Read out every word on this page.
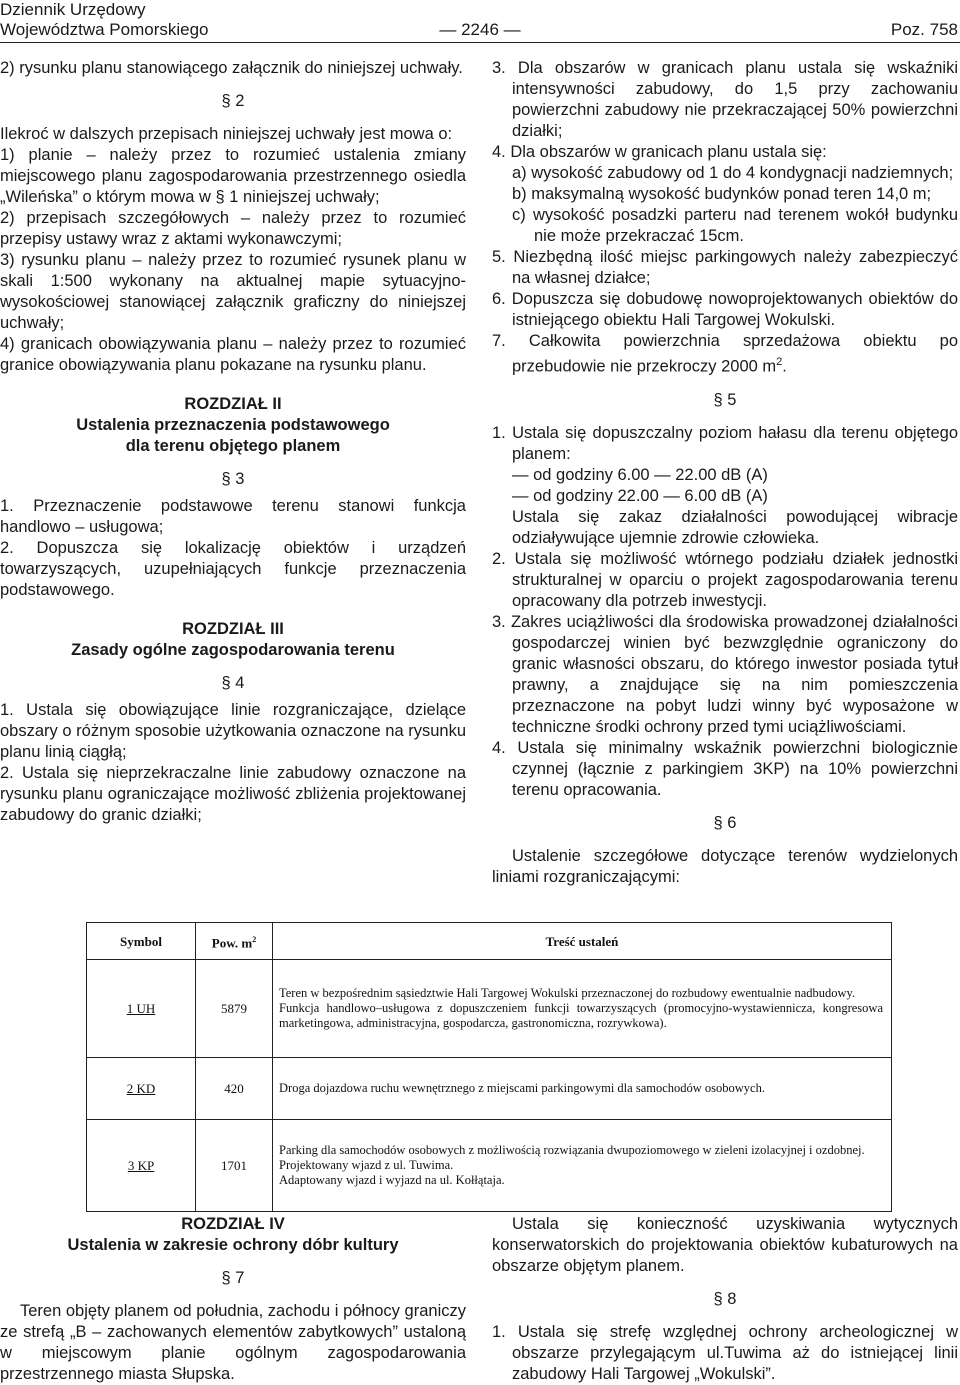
Dziennik Urzędowy
Województwa Pomorskiego	— 2246 —	Poz. 758

2) rysunku planu stanowiącego załącznik do niniejszej uchwały.

§ 2

Ilekroć w dalszych przepisach niniejszej uchwały jest mowa o:

1) planie – należy przez to rozumieć ustalenia zmiany miejscowego planu zagospodarowania przestrzennego osiedla „Wileńska” o którym mowa w § 1 niniejszej uchwały;

2) przepisach szczegółowych – należy przez to rozumieć przepisy ustawy wraz z aktami wykonawczymi;

3) rysunku planu – należy przez to rozumieć rysunek planu w skali 1:500 wykonany na aktualnej mapie sytuacyjno-wysokościowej stanowiącej załącznik graficzny do niniejszej uchwały;

4) granicach obowiązywania planu – należy przez to rozumieć granice obowiązywania planu pokazane na rysunku planu.

ROZDZIAŁ II

Ustalenia przeznaczenia podstawowego

dla terenu objętego planem

§ 3

1. Przeznaczenie podstawowe terenu stanowi funkcja handlowo – usługowa;

2. Dopuszcza się lokalizację obiektów i urządzeń towarzyszących, uzupełniających funkcje przeznaczenia podstawowego.

ROZDZIAŁ III

Zasady ogólne zagospodarowania terenu

§ 4

1. Ustala się obowiązujące linie rozgraniczające, dzielące obszary o różnym sposobie użytkowania oznaczone na rysunku planu linią ciągłą;

2. Ustala się nieprzekraczalne linie zabudowy oznaczone na rysunku planu ograniczające możliwość zbliżenia projektowanej zabudowy do granic działki;

3. Dla obszarów w granicach planu ustala się wskaźniki intensywności zabudowy, do 1,5 przy zachowaniu powierzchni zabudowy nie przekraczającej 50% powierzchni działki;

4. Dla obszarów w granicach planu ustala się:

a) wysokość zabudowy od 1 do 4 kondygnacji nadziemnych;

b) maksymalną wysokość budynków ponad teren 14,0 m;

c) wysokość posadzki parteru nad terenem wokół budynku nie może przekraczać 15cm.

5. Niezbędną ilość miejsc parkingowych należy zabezpieczyć na własnej działce;

6. Dopuszcza się dobudowę nowoprojektowanych obiektów do istniejącego obiektu Hali Targowej Wokulski.

7. Całkowita powierzchnia sprzedażowa obiektu po przebudowie nie przekroczy 2000 $m^2$.

§ 5

1. Ustala się dopuszczalny poziom hałasu dla terenu objętego planem:

— od godziny 6.00 — 22.00 dB (A)

— od godziny 22.00 — 6.00 dB (A)

Ustala się zakaz działalności powodującej wibracje odziaływujące ujemnie zdrowie człowieka.

2. Ustala się możliwość wtórnego podziału działek jednostki strukturalnej w oparciu o projekt zagospodarowania terenu opracowany dla potrzeb inwestycji.

3. Zakres uciążliwości dla środowiska prowadzonej działalności gospodarczej winien być bezwzględnie ograniczony do granic własności obszaru, do którego inwestor posiada tytuł prawny, a znajdujące się na nim pomieszczenia przeznaczone na pobyt ludzi winny być wyposażone w techniczne środki ochrony przed tymi uciążliwościami.

4. Ustala się minimalny wskaźnik powierzchni biologicznie czynnej (łącznie z parkingiem 3KP) na 10% powierzchni terenu opracowania.

§ 6

Ustalenie szczegółowe dotyczące terenów wydzielonych liniami rozgraniczającymi:

Symbol	Pow. $m^2$	Treść ustaleń
1 UH	5879	Teren w bezpośrednim sąsiedztwie Hali Targowej Wokulski przeznaczonej do rozbudowy ewentualnie nadbudowy.
Funkcja handlowo–usługowa z dopuszczeniem funkcji towarzyszących (promocyjno-wystawiennicza, kongresowa marketingowa, administracyjna, gospodarcza, gastronomiczna, rozrywkowa).

2 KD	420	Droga dojazdowa ruchu wewnętrznego z miejscami parkingowymi dla samochodów osobowych.

3 KP	1701	Parking dla samochodów osobowych z możliwością rozwiązania dwupoziomowego w zieleni izolacyjnej i ozdobnej.
Projektowany wjazd z ul. Tuwima.
Adaptowany wjazd i wyjazd na ul. Kołłątaja.

ROZDZIAŁ IV

Ustalenia w zakresie ochrony dóbr kultury

§ 7

Teren objęty planem od południa, zachodu i północy graniczy ze strefą „B – zachowanych elementów zabytkowych” ustaloną w miejscowym planie ogólnym zagospodarowania przestrzennego miasta Słupska.

Ustala się konieczność uzyskiwania wytycznych konserwatorskich do projektowania obiektów kubaturowych na obszarze objętym planem.

§ 8

1. Ustala się strefę względnej ochrony archeologicznej w obszarze przylegającym ul.Tuwima aż do istniejącej linii zabudowy Hali Targowej „Wokulski”.
